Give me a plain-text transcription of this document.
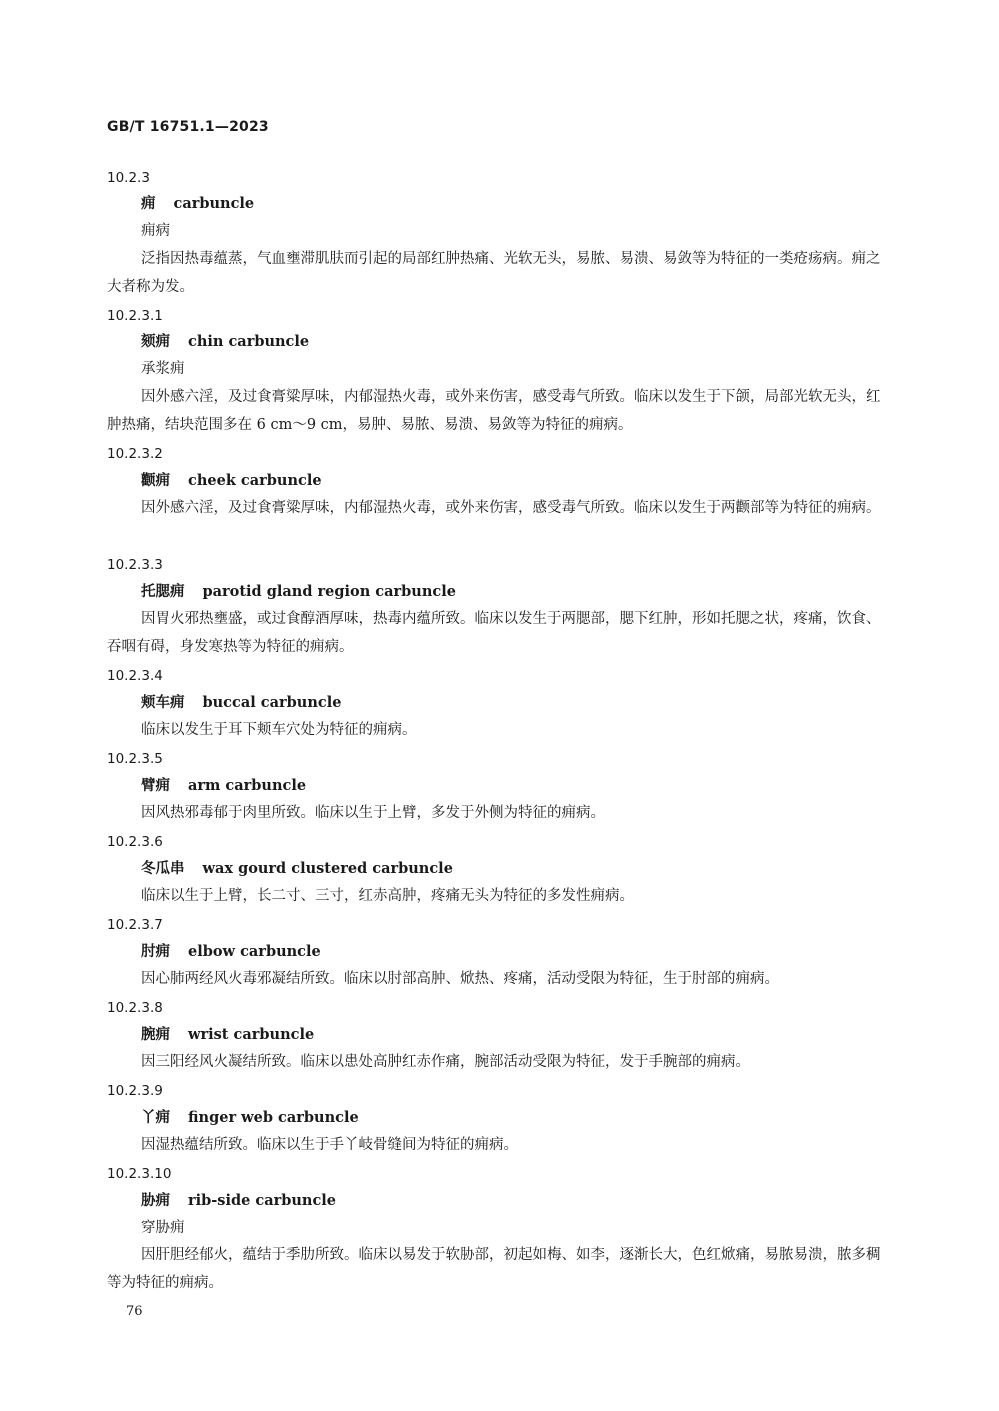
GB/T 16751.1—2023
10.2.3
痈 carbuncle
痈病
泛指因热毒蕴蒸，气血壅滞肌肤而引起的局部红肿热痛、光软无头，易脓、易溃、易敛等为特征的一类疮疡病。痈之大者称为发。
10.2.3.1
颏痈 chin carbuncle
承浆痈
因外感六淫，及过食膏粱厚味，内郁湿热火毒，或外来伤害，感受毒气所致。临床以发生于下颌，局部光软无头，红肿热痛，结块范围多在 6 cm～9 cm，易肿、易脓、易溃、易敛等为特征的痈病。
10.2.3.2
颧痈 cheek carbuncle
因外感六淫，及过食膏粱厚味，内郁湿热火毒，或外来伤害，感受毒气所致。临床以发生于两颧部等为特征的痈病。
10.2.3.3
托腮痈 parotid gland region carbuncle
因胃火邪热壅盛，或过食醇酒厚味，热毒内蕴所致。临床以发生于两腮部，腮下红肿，形如托腮之状，疼痛，饮食、吞咽有碍，身发寒热等为特征的痈病。
10.2.3.4
颊车痈 buccal carbuncle
临床以发生于耳下颊车穴处为特征的痈病。
10.2.3.5
臂痈 arm carbuncle
因风热邪毒郁于肉里所致。临床以生于上臂，多发于外侧为特征的痈病。
10.2.3.6
冬瓜串 wax gourd clustered carbuncle
临床以生于上臂，长二寸、三寸，红赤高肿，疼痛无头为特征的多发性痈病。
10.2.3.7
肘痈 elbow carbuncle
因心肺两经风火毒邪凝结所致。临床以肘部高肿、焮热、疼痛，活动受限为特征，生于肘部的痈病。
10.2.3.8
腕痈 wrist carbuncle
因三阳经风火凝结所致。临床以患处高肿红赤作痛，腕部活动受限为特征，发于手腕部的痈病。
10.2.3.9
丫痈 finger web carbuncle
因湿热蕴结所致。临床以生于手丫岐骨缝间为特征的痈病。
10.2.3.10
胁痈 rib-side carbuncle
穿胁痈
因肝胆经郁火，蕴结于季肋所致。临床以易发于软胁部，初起如梅、如李，逐渐长大，色红焮痛，易脓易溃，脓多稠等为特征的痈病。
76
